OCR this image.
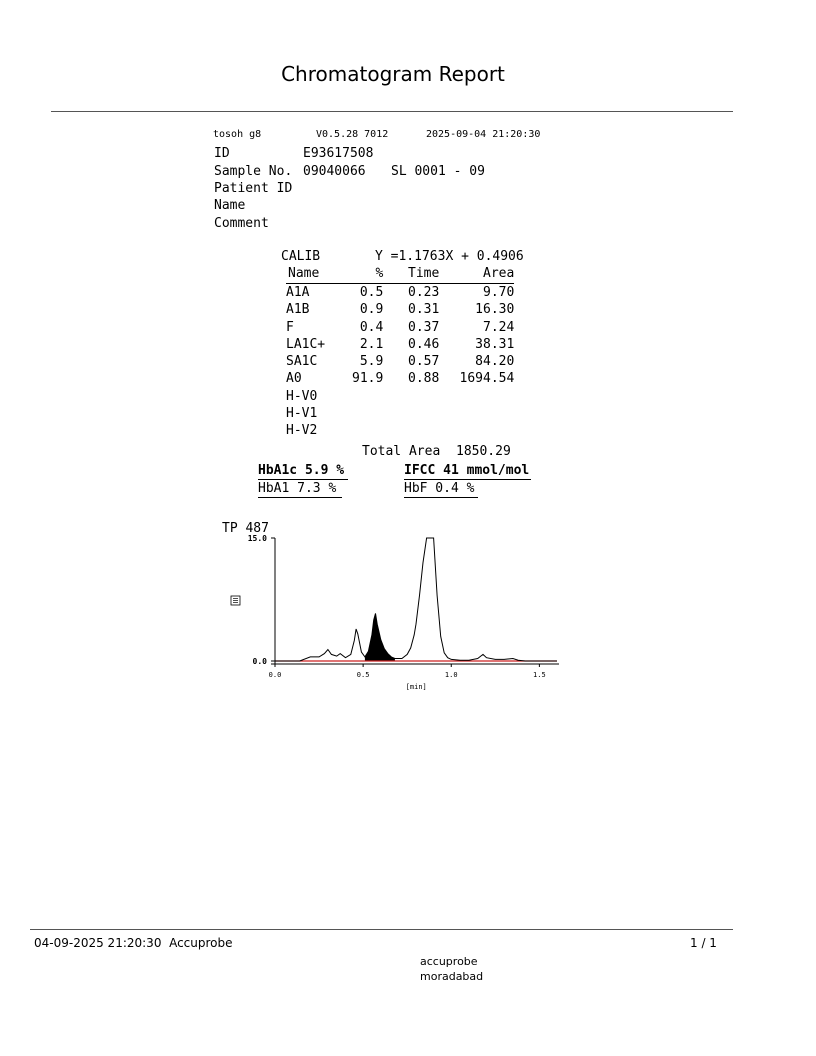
Chromatogram Report
tosoh g8	V0.5.28 7012	2025-09-04 21:20:30
ID	E93617508
Sample No. 09040066 SL 0001 - 09
Patient ID
Name
Comment
CALIB	Y =1.1763X + 0.4906
Name	%	Time	Area
A1A	0.5	0.23	9.70
A1B	0.9	0.31	16.30
F	0.4	0.37	7.24
LA1C+	2.1	0.46	38.31
SA1C	5.9	0.57	84.20
A0	91.9	0.88	1694.54
H-V0			
H-V1			
H-V2			
Total Area 1850.29
HbA1c 5.9 %	IFCC 41 mmol/mol
HbA1 7.3 %	HbF 0.4 %
TP 487
0.0
15.0
0.0	0.5	1.0	1.5
[min]
04-09-2025 21:20:30  Accuprobe	1 / 1
accuprobe
moradabad
